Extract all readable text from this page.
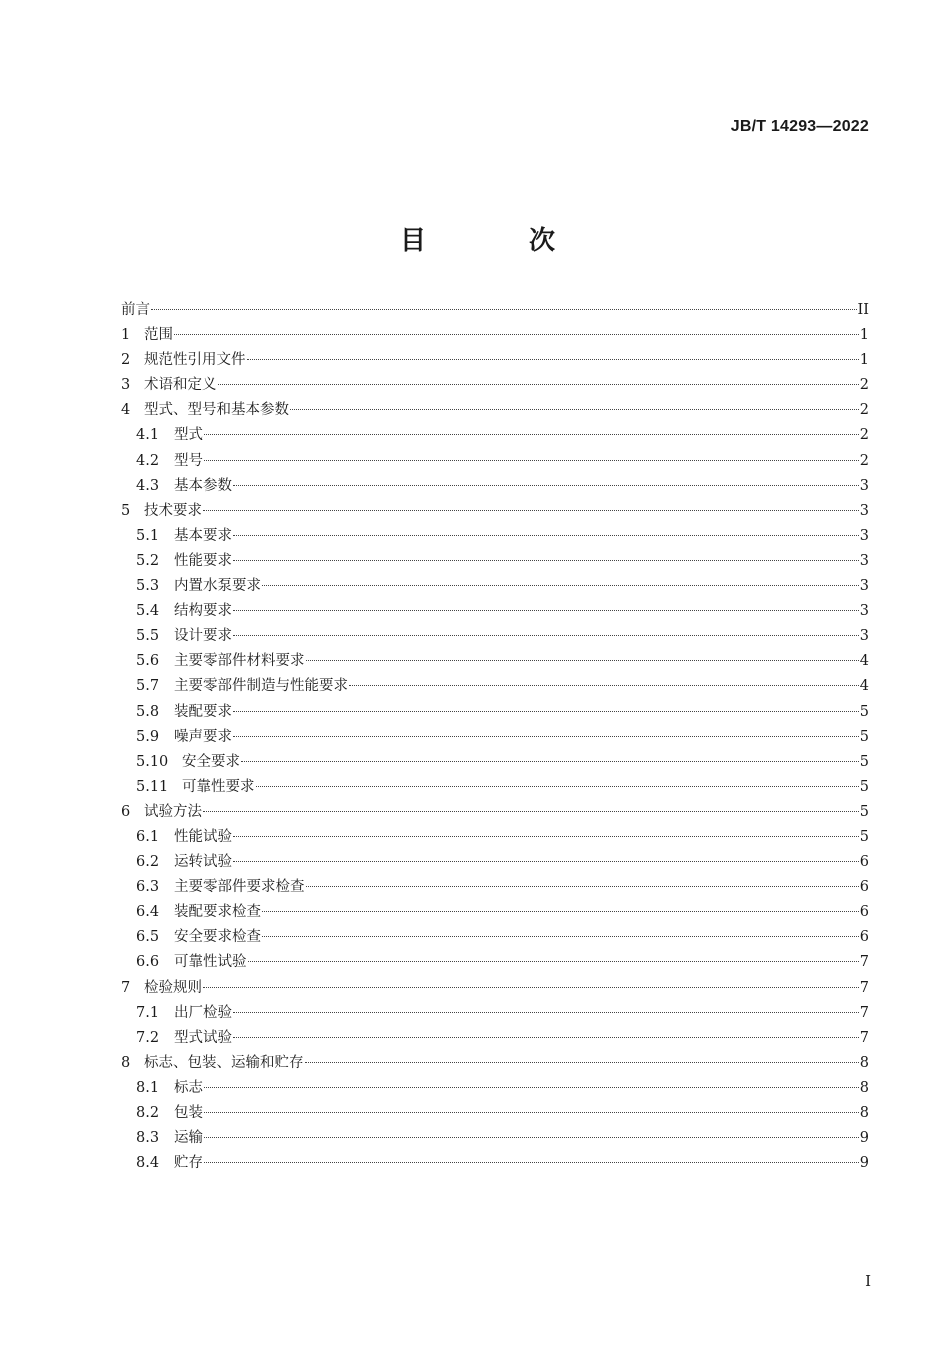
JB/T 14293—2022
目 次
前言	II
1 范围	1
2 规范性引用文件	1
3 术语和定义	2
4 型式、型号和基本参数	2
4.1	型式	2
4.2	型号	2
4.3	基本参数	3
5 技术要求	3
5.1	基本要求	3
5.2	性能要求	3
5.3	内置水泵要求	3
5.4	结构要求	3
5.5	设计要求	3
5.6	主要零部件材料要求	4
5.7	主要零部件制造与性能要求	4
5.8	装配要求	5
5.9	噪声要求	5
5.10 安全要求	5
5.11 可靠性要求	5
6 试验方法	5
6.1	性能试验	5
6.2	运转试验	6
6.3	主要零部件要求检查	6
6.4	装配要求检查	6
6.5	安全要求检查	6
6.6	可靠性试验	7
7 检验规则	7
7.1	出厂检验	7
7.2	型式试验	7
8 标志、包装、运输和贮存	8
8.1	标志	8
8.2	包装	8
8.3	运输	9
8.4	贮存	9
I
